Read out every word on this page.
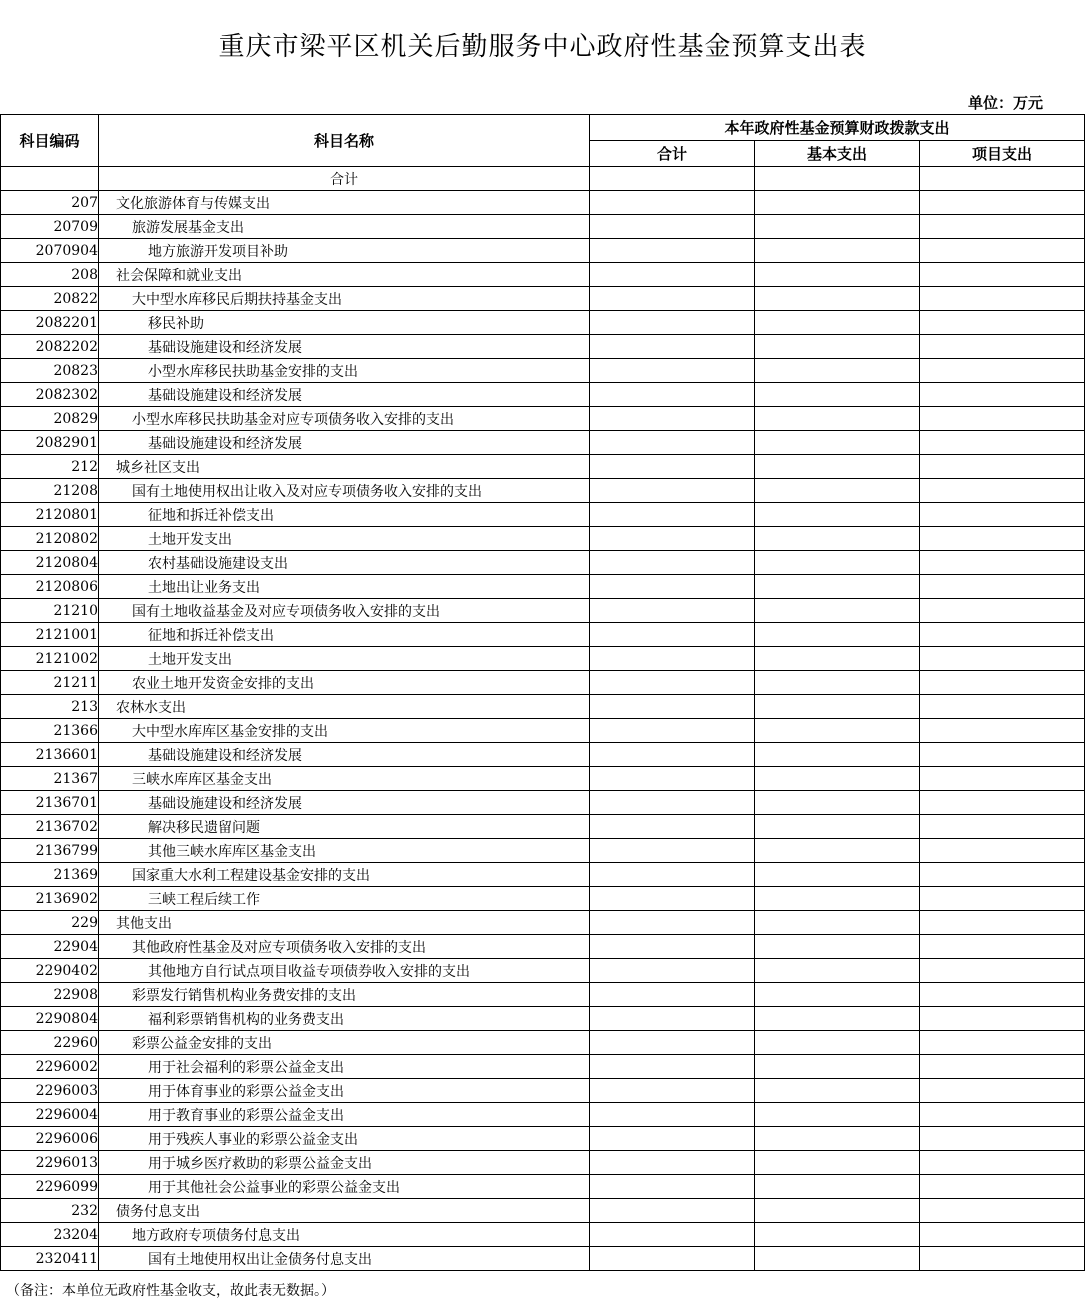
重庆市梁平区机关后勤服务中心政府性基金预算支出表
单位：万元
科目编码	科目名称	本年政府性基金预算财政拨款支出		
		合计	基本支出	项目支出
	合计			
207	文化旅游体育与传媒支出			
20709	旅游发展基金支出			
2070904	地方旅游开发项目补助			
208	社会保障和就业支出			
20822	大中型水库移民后期扶持基金支出			
2082201	移民补助			
2082202	基础设施建设和经济发展			
20823	小型水库移民扶助基金安排的支出			
2082302	基础设施建设和经济发展			
20829	小型水库移民扶助基金对应专项债务收入安排的支出			
2082901	基础设施建设和经济发展			
212	城乡社区支出			
21208	国有土地使用权出让收入及对应专项债务收入安排的支出			
2120801	征地和拆迁补偿支出			
2120802	土地开发支出			
2120804	农村基础设施建设支出			
2120806	土地出让业务支出			
21210	国有土地收益基金及对应专项债务收入安排的支出			
2121001	征地和拆迁补偿支出			
2121002	土地开发支出			
21211	农业土地开发资金安排的支出			
213	农林水支出			
21366	大中型水库库区基金安排的支出			
2136601	基础设施建设和经济发展			
21367	三峡水库库区基金支出			
2136701	基础设施建设和经济发展			
2136702	解决移民遗留问题			
2136799	其他三峡水库库区基金支出			
21369	国家重大水利工程建设基金安排的支出			
2136902	三峡工程后续工作			
229	其他支出			
22904	其他政府性基金及对应专项债务收入安排的支出			
2290402	其他地方自行试点项目收益专项债券收入安排的支出			
22908	彩票发行销售机构业务费安排的支出			
2290804	福利彩票销售机构的业务费支出			
22960	彩票公益金安排的支出			
2296002	用于社会福利的彩票公益金支出			
2296003	用于体育事业的彩票公益金支出			
2296004	用于教育事业的彩票公益金支出			
2296006	用于残疾人事业的彩票公益金支出			
2296013	用于城乡医疗救助的彩票公益金支出			
2296099	用于其他社会公益事业的彩票公益金支出			
232	债务付息支出			
23204	地方政府专项债务付息支出			
2320411	国有土地使用权出让金债务付息支出			
（备注：本单位无政府性基金收支，故此表无数据。）
